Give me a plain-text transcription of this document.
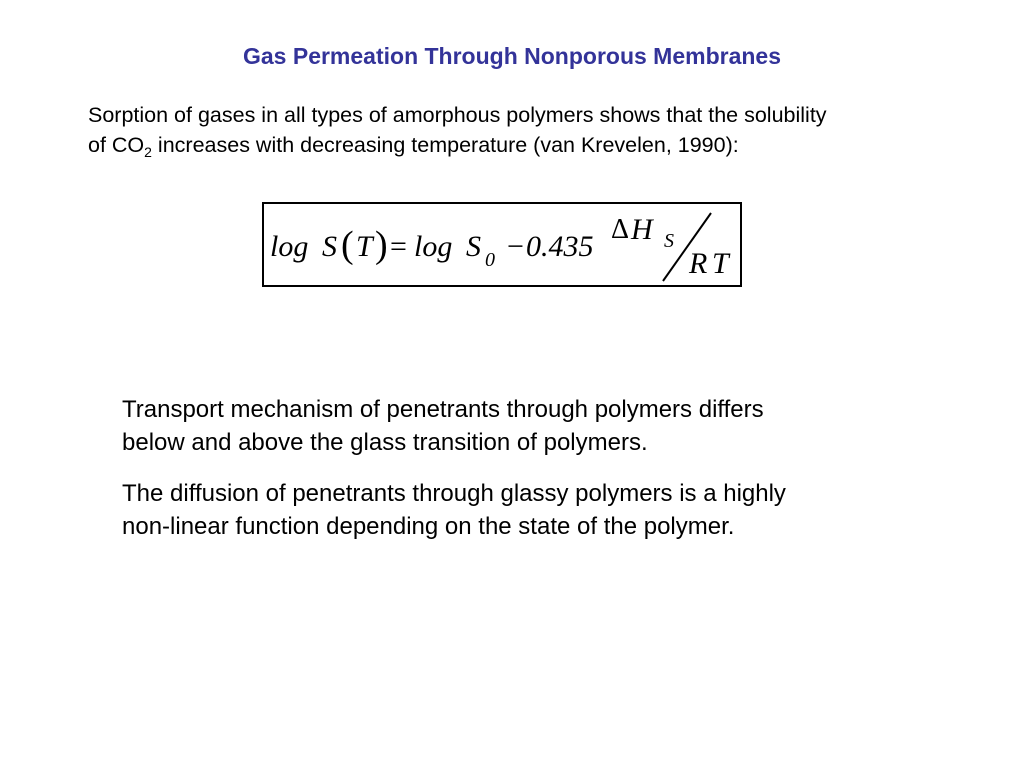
Gas Permeation Through Nonporous Membranes
Sorption of gases in all types of amorphous polymers shows that the solubility
of $CO_2$ increases with decreasing temperature (van Krevelen, 1990):
log S ( T ) = log S 0 − 0.435
Δ H S
R T
Transport mechanism of penetrants through polymers differs
below and above the glass transition of polymers.
The diffusion of penetrants through glassy polymers is a highly
non-linear function depending on the state of the polymer.
